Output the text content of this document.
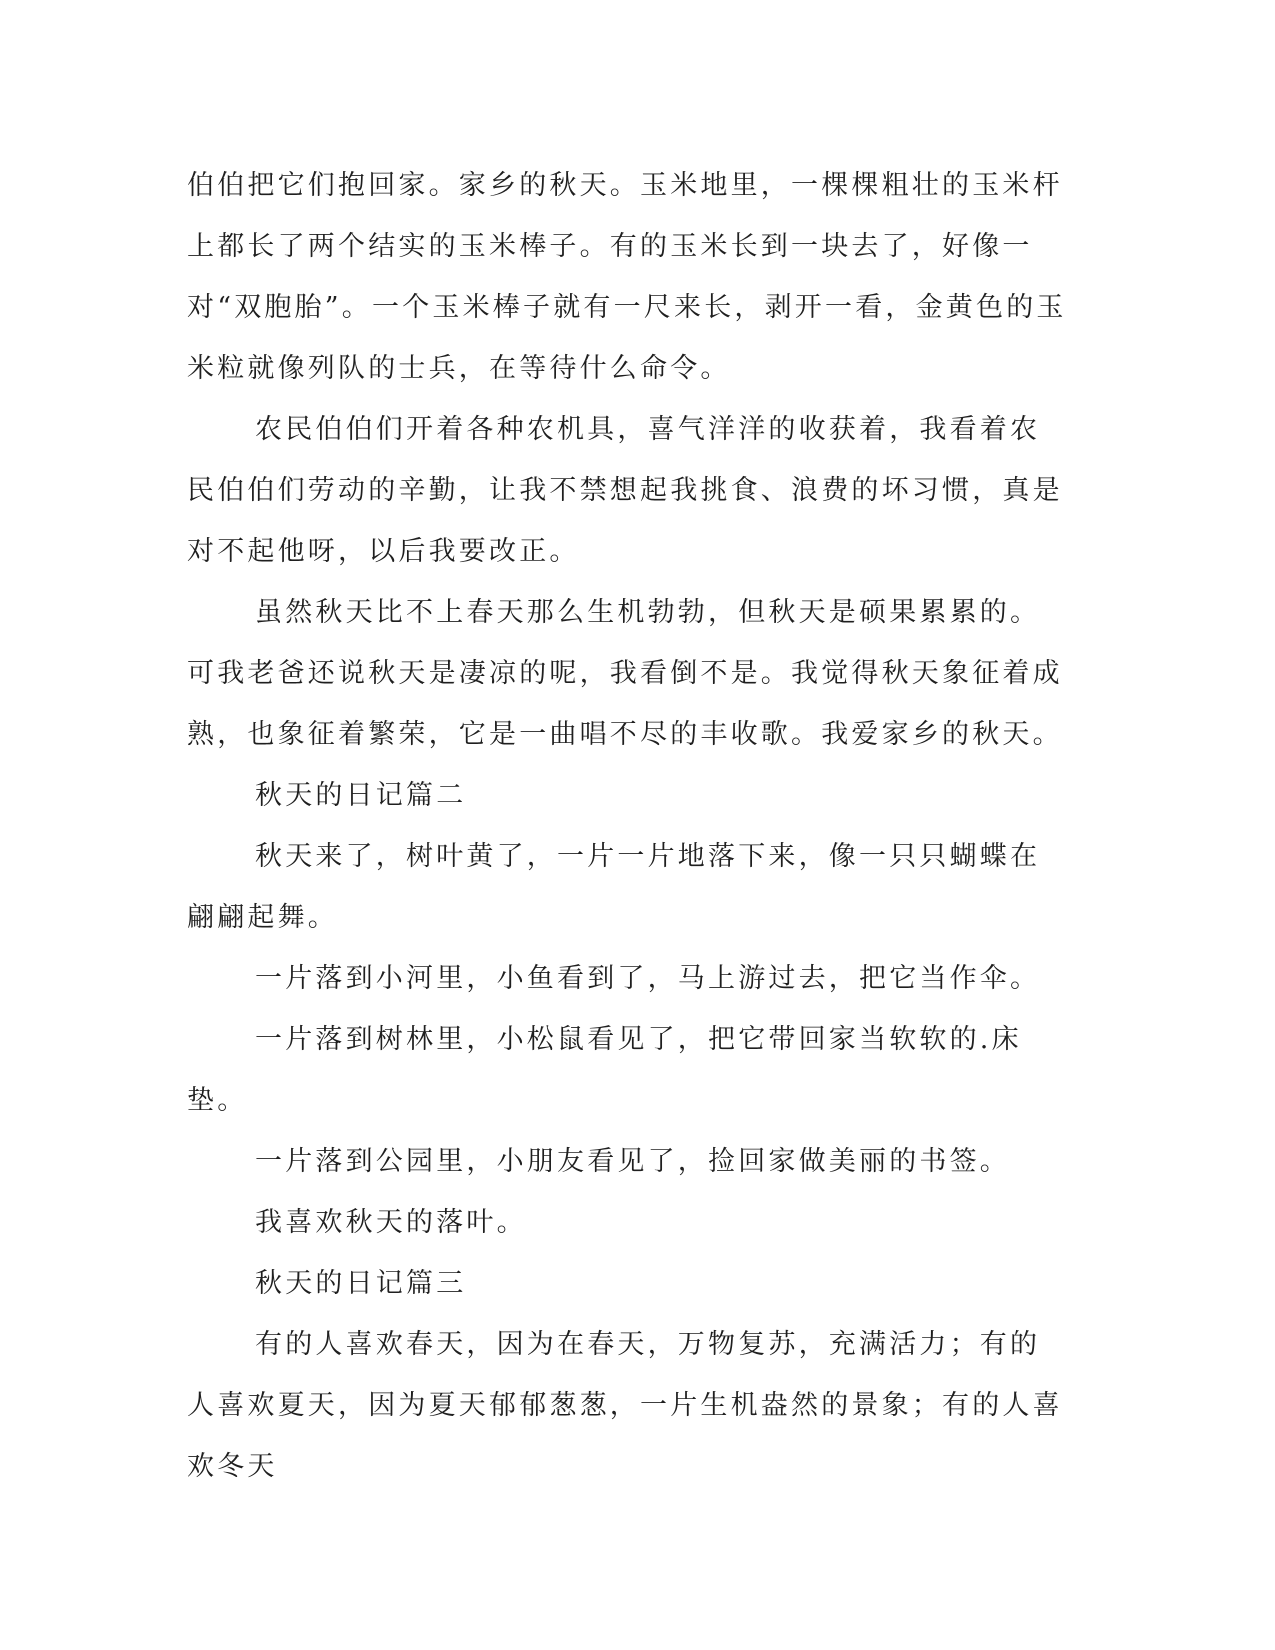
伯伯把它们抱回家。家乡的秋天。玉米地里，一棵棵粗壮的玉米杆上都长了两个结实的玉米棒子。有的玉米长到一块去了，好像一对“双胞胎”。一个玉米棒子就有一尺来长，剥开一看，金黄色的玉米粒就像列队的士兵，在等待什么命令。

农民伯伯们开着各种农机具，喜气洋洋的收获着，我看着农民伯伯们劳动的辛勤，让我不禁想起我挑食、浪费的坏习惯，真是对不起他呀，以后我要改正。

虽然秋天比不上春天那么生机勃勃，但秋天是硕果累累的。可我老爸还说秋天是凄凉的呢，我看倒不是。我觉得秋天象征着成熟，也象征着繁荣，它是一曲唱不尽的丰收歌。我爱家乡的秋天。

秋天的日记篇二

秋天来了，树叶黄了，一片一片地落下来，像一只只蝴蝶在翩翩起舞。

一片落到小河里，小鱼看到了，马上游过去，把它当作伞。

一片落到树林里，小松鼠看见了，把它带回家当软软的.床垫。

一片落到公园里，小朋友看见了，捡回家做美丽的书签。

我喜欢秋天的落叶。

秋天的日记篇三

有的人喜欢春天，因为在春天，万物复苏，充满活力；有的人喜欢夏天，因为夏天郁郁葱葱，一片生机盎然的景象；有的人喜欢冬天
